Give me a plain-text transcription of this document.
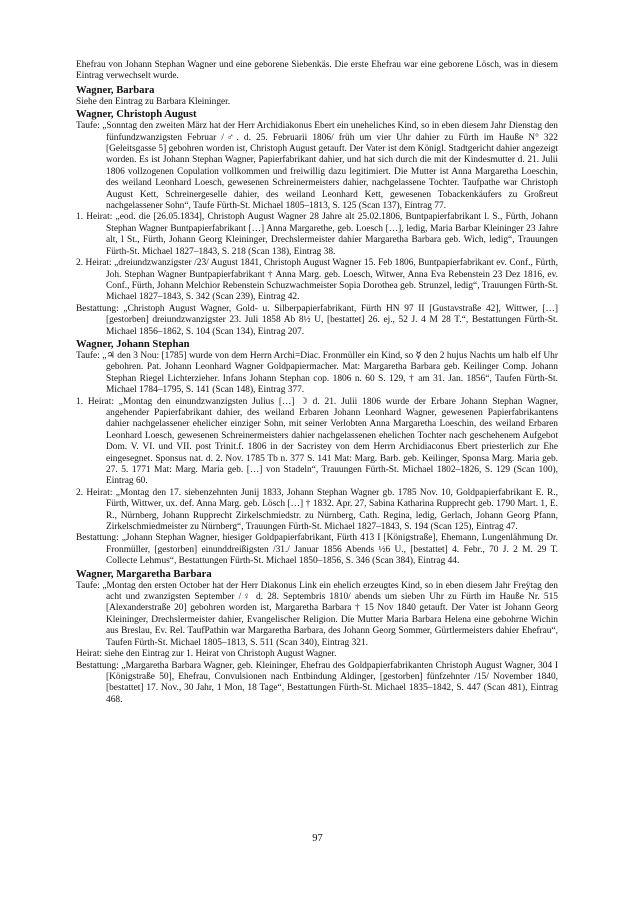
Ehefrau von Johann Stephan Wagner und eine geborene Siebenkäs. Die erste Ehefrau war eine geborene Lösch, was in diesem Eintrag verwechselt wurde.

Wagner, Barbara

Siehe den Eintrag zu Barbara Kleininger.

Wagner, Christoph August

Taufe: „Sonntag den zweiten März hat der Herr Archidiakonus Ebert ein uneheliches Kind, so in eben diesem Jahr Dienstag den fünfundzwanzigsten Februar /♂. d. 25. Februarii 1806/ früh um vier Uhr dahier zu Fürth im Hauße N° 322 [Geleitsgasse 5] gebohren worden ist, Christoph August getauft. Der Vater ist dem Königl. Stadtgericht dahier angezeigt worden. Es ist Johann Stephan Wagner, Papierfabrikant dahier, und hat sich durch die mit der Kindesmutter d. 21. Julii 1806 vollzogenen Copulation vollkommen und freiwillig dazu legitimiert. Die Mutter ist Anna Margaretha Loeschin, des weiland Leonhard Loesch, gewesenen Schreinermeisters dahier, nachgelassene Tochter. Taufpathe war Christoph August Kett, Schreinergeselle dahier, des weiland Leonhard Kett, gewesenen Tobackenkäufers zu Großreut nachgelassener Sohn“, Taufe Fürth-St. Michael 1805–1813, S. 125 (Scan 137), Eintrag 77.

1. Heirat: „eod. die [26.05.1834], Christoph August Wagner 28 Jahre alt 25.02.1806, Buntpapierfabrikant l. S., Fürth, Johann Stephan Wagner Buntpapierfabrikant […] Anna Margarethe, geb. Loesch […], ledig, Maria Barbar Kleininger 23 Jahre alt, l St., Fürth, Johann Georg Kleininger, Drechslermeister dahier Margaretha Barbara geb. Wich, ledig“, Trauungen Fürth-St. Michael 1827–1843, S. 218 (Scan 138), Eintrag 38.

2. Heirat: „dreiundzwanzigster /23/ August 1841, Christoph August Wagner 15. Feb 1806, Buntpapierfabrikant ev. Conf., Fürth, Joh. Stephan Wagner Buntpapierfabrikant † Anna Marg. geb. Loesch, Witwer, Anna Eva Rebenstein 23 Dez 1816, ev. Conf., Fürth, Johann Melchior Rebenstein Schuzwachmeister Sopia Dorothea geb. Strunzel, ledig“, Trauungen Fürth-St. Michael 1827–1843, S. 342 (Scan 239), Eintrag 42.

Bestattung: „Christoph August Wagner, Gold- u. Silberpapierfabrikant, Fürth HN 97 II [Gustavstraße 42], Wittwer, […] [gestorben] dreiundzwanzigster 23. Juli 1858 Ab 8½ U, [bestattet] 26. ej., 52 J. 4 M 28 T.“, Bestattungen Fürth-St. Michael 1856–1862, S. 104 (Scan 134), Eintrag 207.

Wagner, Johann Stephan

Taufe: „♃ den 3 Nou: [1785] wurde von dem Herrn Archi=Diac. Fronmüller ein Kind, so ☿ den 2 hujus Nachts um halb elf Uhr gebohren. Pat. Johann Leonhard Wagner Goldpapiermacher. Mat: Margaretha Barbara geb. Keilinger Comp. Johann Stephan Riegel Lichterzieher. Infans Johann Stephan cop. 1806 n. 60 S. 129, † am 31. Jan. 1856“, Taufen Fürth-St. Michael 1784–1795, S. 141 (Scan 148), Eintrag 377.

1. Heirat: „Montag den einundzwanzigsten Julius […] ☽ d. 21. Julii 1806 wurde der Erbare Johann Stephan Wagner, angehender Papierfabrikant dahier, des weiland Erbaren Johann Leonhard Wagner, gewesenen Papierfabrikantens dahier nachgelassener ehelicher einziger Sohn, mit seiner Verlobten Anna Margaretha Loeschin, des weiland Erbaren Leonhard Loesch, gewesenen Schreinermeisters dahier nachgelassenen ehelichen Tochter nach geschehenem Aufgebot Dom. V. VI. und VII. post Trinit.f. 1806 in der Sacristey von dem Herrn Archidiaconus Ebert priesterlich zur Ehe eingesegnet. Sponsus nat. d. 2. Nov. 1785 Tb n. 377 S. 141 Mat: Marg. Barb. geb. Keilinger, Sponsa Marg. Maria geb. 27. 5. 1771 Mat: Marg. Maria geb. […] von Stadeln“, Trauungen Fürth-St. Michael 1802–1826, S. 129 (Scan 100), Eintrag 60.

2. Heirat: „Montag den 17. siebenzehnten Junij 1833, Johann Stephan Wagner gb. 1785 Nov. 10, Goldpapierfabrikant E. R., Fürth, Wittwer, ux. def. Anna Marg. geb. Lösch […] † 1832. Apr. 27, Sabina Katharina Rupprecht geb. 1790 Mart. 1, E. R., Nürnberg, Johann Rupprecht Zirkelschmiedstr. zu Nürnberg, Cath. Regina, ledig, Gerlach, Johann Georg Pfann, Zirkelschmiedmeister zu Nürnberg“, Trauungen Fürth-St. Michael 1827–1843, S. 194 (Scan 125), Eintrag 47.

Bestattung: „Johann Stephan Wagner, hiesiger Goldpapierfabrikant, Fürth 413 I [Königstraße], Ehemann, Lungenlähmung Dr. Fronmüller, [gestorben] einunddreißigsten /31./ Januar 1856 Abends ½6 U., [bestattet] 4. Febr., 70 J. 2 M. 29 T. Collecte Lehmus“, Bestattungen Fürth-St. Michael 1850–1856, S. 346 (Scan 384), Eintrag 44.

Wagner, Margaretha Barbara

Taufe: „Montag den ersten October hat der Herr Diakonus Link ein ehelich erzeugtes Kind, so in eben diesem Jahr Freÿtag den acht und zwanzigsten September /♀ d. 28. Septembris 1810/ abends um sieben Uhr zu Fürth im Hauße Nr. 515 [Alexanderstraße 20] gebohren worden ist, Margaretha Barbara † 15 Nov 1840 getauft. Der Vater ist Johann Georg Kleininger, Drechslermeister dahier, Evangelischer Religion. Die Mutter Maria Barbara Helena eine gebohrne Wichin aus Breslau, Ev. Rel. TaufPathin war Margaretha Barbara, des Johann Georg Sommer, Gürtlermeisters dahier Ehefrau“, Taufen Fürth-St. Michael 1805–1813, S. 511 (Scan 340), Eintrag 321.

Heirat: siehe den Eintrag zur 1. Heirat von Christoph August Wagner.

Bestattung: „Margaretha Barbara Wagner, geb. Kleininger, Ehefrau des Goldpapierfabrikanten Christoph August Wagner, 304 I [Königstraße 50], Ehefrau, Convulsionen nach Entbindung Aldinger, [gestorben] fünfzehnter /15/ November 1840, [bestattet] 17. Nov., 30 Jahr, 1 Mon, 18 Tage“, Bestattungen Fürth-St. Michael 1835–1842, S. 447 (Scan 481), Eintrag 468.

97
